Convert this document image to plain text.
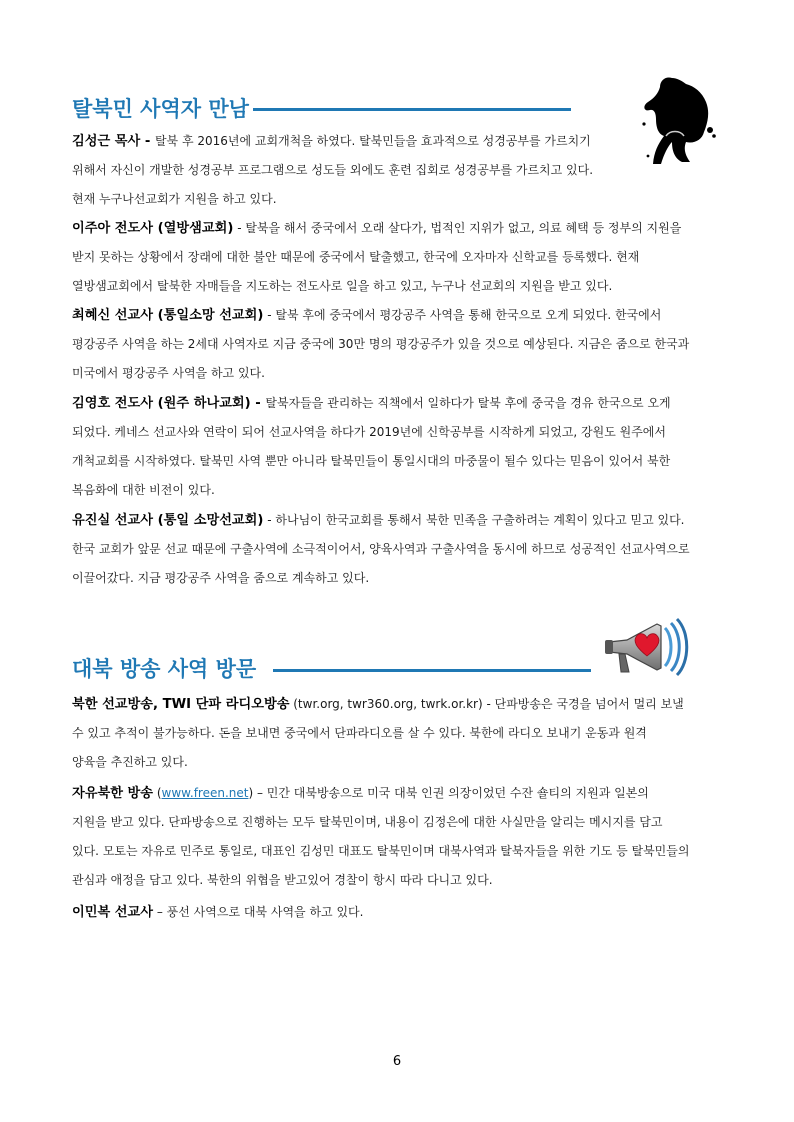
탈북민 사역자 만남
김성근 목사 - 탈북 후 2016년에 교회개척을 하였다. 탈북민들을 효과적으로 성경공부를 가르치기
위해서 자신이 개발한 성경공부 프로그램으로 성도들 외에도 훈련 집회로 성경공부를 가르치고 있다.
현재 누구나선교회가 지원을 하고 있다.
이주아 전도사 (열방샘교회) - 탈북을 해서 중국에서 오래 살다가, 법적인 지위가 없고, 의료 혜택 등 정부의 지원을
받지 못하는 상황에서 장래에 대한 불안 때문에 중국에서 탈출했고, 한국에 오자마자 신학교를 등록했다. 현재
열방샘교회에서 탈북한 자매들을 지도하는 전도사로 일을 하고 있고, 누구나 선교회의 지원을 받고 있다.
최혜신 선교사 (통일소망 선교회) - 탈북 후에 중국에서 평강공주 사역을 통해 한국으로 오게 되었다. 한국에서
평강공주 사역을 하는 2세대 사역자로 지금 중국에 30만 명의 평강공주가 있을 것으로 예상된다. 지금은 줌으로 한국과
미국에서 평강공주 사역을 하고 있다.
김영호 전도사 (원주 하나교회) - 탈북자들을 관리하는 직책에서 일하다가 탈북 후에 중국을 경유 한국으로 오게
되었다. 케네스 선교사와 연락이 되어 선교사역을 하다가 2019년에 신학공부를 시작하게 되었고, 강원도 원주에서
개척교회를 시작하였다. 탈북민 사역 뿐만 아니라 탈북민들이 통일시대의 마중물이 될수 있다는 믿음이 있어서 북한
복음화에 대한 비전이 있다.
유진실 선교사 (통일 소망선교회) - 하나님이 한국교회를 통해서 북한 민족을 구출하려는 계획이 있다고 믿고 있다.
한국 교회가 앞문 선교 때문에 구출사역에 소극적이어서, 양육사역과 구출사역을 동시에 하므로 성공적인 선교사역으로
이끌어갔다. 지금 평강공주 사역을 줌으로 계속하고 있다.
대북 방송 사역 방문
북한 선교방송, TWI 단파 라디오방송 (twr.org, twr360.org, twrk.or.kr) - 단파방송은 국경을 넘어서 멀리 보낼
수 있고 추적이 불가능하다. 돈을 보내면 중국에서 단파라디오를 살 수 있다. 북한에 라디오 보내기 운동과 원격
양육을 추진하고 있다.
자유북한 방송 (www.freen.net) – 민간 대북방송으로 미국 대북 인권 의장이었던 수잔 숄티의 지원과 일본의
지원을 받고 있다. 단파방송으로 진행하는 모두 탈북민이며, 내용이 김정은에 대한 사실만을 알리는 메시지를 담고
있다. 모토는 자유로 민주로 통일로, 대표인 김성민 대표도 탈북민이며 대북사역과 탈북자들을 위한 기도 등 탈북민들의
관심과 애정을 담고 있다. 북한의 위협을 받고있어 경찰이 항시 따라 다니고 있다.
이민복 선교사 – 풍선 사역으로 대북 사역을 하고 있다.
6
